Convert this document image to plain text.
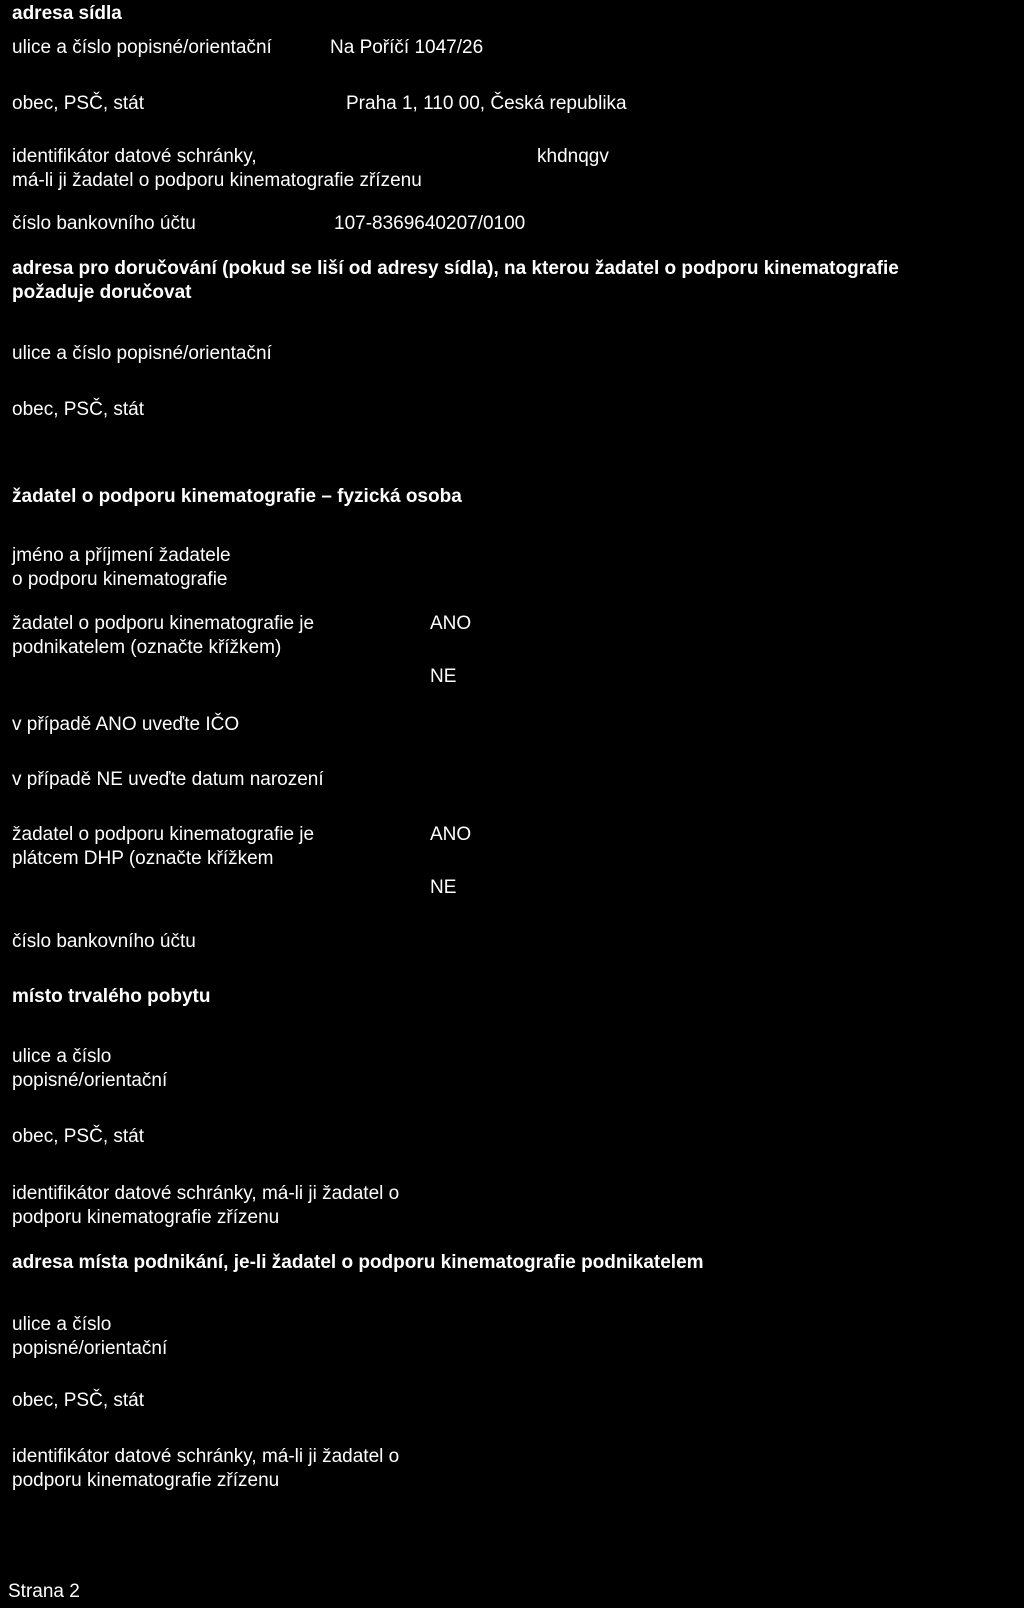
adresa sídla
ulice a číslo popisné/orientační	Na Poříčí 1047/26
obec, PSČ, stát	Praha 1, 110 00, Česká republika
identifikátor datové schránky,
má-li ji žadatel o podporu kinematografie zřízenu
khdnqgv
číslo bankovního účtu	107-8369640207/0100
adresa pro doručování (pokud se liší od adresy sídla), na kterou žadatel o podporu kinematografie
požaduje doručovat
ulice a číslo popisné/orientační
obec, PSČ, stát
žadatel o podporu kinematografie – fyzická osoba
jméno a příjmení žadatele
o podporu kinematografie
žadatel o podporu kinematografie je
podnikatelem (označte křížkem)
ANO
NE
v případě ANO uveďte IČO
v případě NE uveďte datum narození
žadatel o podporu kinematografie je
plátcem DHP (označte křížkem
ANO
NE
číslo bankovního účtu
místo trvalého pobytu
ulice a číslo
popisné/orientační
obec, PSČ, stát
identifikátor datové schránky, má-li ji žadatel o
podporu kinematografie zřízenu
adresa místa podnikání, je-li žadatel o podporu kinematografie podnikatelem
ulice a číslo
popisné/orientační
obec, PSČ, stát
identifikátor datové schránky, má-li ji žadatel o
podporu kinematografie zřízenu
Strana 2
